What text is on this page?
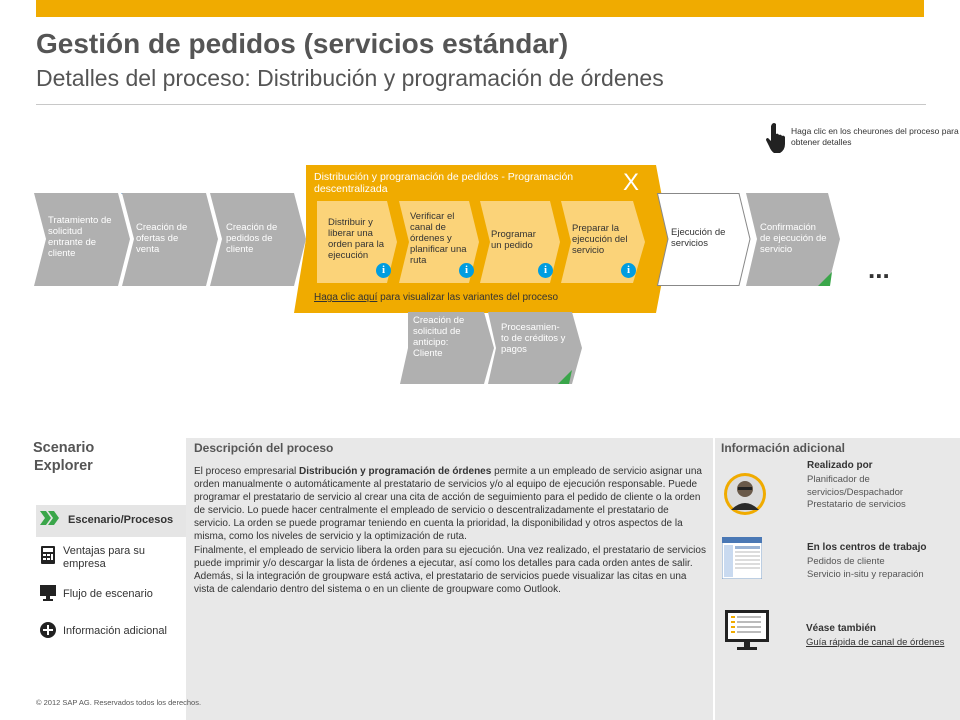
Gestión de pedidos (servicios estándar)
Detalles del proceso: Distribución y programación de órdenes
Haga clic en los cheurones del proceso para obtener detalles
Tratamiento de solicitud entrante de cliente
Creación de ofertas de venta
Creación de pedidos de cliente
Distribución y programación de pedidos - Programación descentralizada	X
Distribuir y liberar una orden para la ejecución
i
Verificar el canal de órdenes y planificar una ruta
i
Programar un pedido
i
Preparar la ejecución del servicio
i
Haga clic aquí para visualizar las variantes del proceso
Ejecución de servicios
Confirmación de ejecución de servicio
...
Creación de solicitud de anticipo: Cliente
Procesamien-to de créditos y pagos
Scenario
Explorer
Escenario/Procesos
Ventajas para su empresa
Flujo de escenario
Información adicional
Descripción del proceso
El proceso empresarial Distribución y programación de órdenes permite a un empleado de servicio asignar una orden manualmente o automáticamente al prestatario de servicios y/o al equipo de ejecución responsable. Puede programar el prestatario de servicio al crear una cita de acción de seguimiento para el pedido de cliente o la orden de servicio. Lo puede hacer centralmente el empleado de servicio o descentralizadamente el prestatario de servicio. La orden se puede programar teniendo en cuenta la prioridad, la disponibilidad y otros aspectos de la misma, como los niveles de servicio y la optimización de ruta.
Finalmente, el empleado de servicio libera la orden para su ejecución. Una vez realizado, el prestatario de servicios puede imprimir y/o descargar la lista de órdenes a ejecutar, así como los detalles para cada orden antes de salir. Además, si la integración de groupware está activa, el prestatario de servicios puede visualizar las citas en una vista de calendario dentro del sistema o en un cliente de groupware como Outlook.
Información adicional
Realizado por
Planificador de
servicios/Despachador
Prestatario de servicios
En los centros de trabajo
Pedidos de cliente
Servicio in-situ y reparación
Véase también
Guía rápida de canal de órdenes
© 2012 SAP AG. Reservados todos los derechos.
